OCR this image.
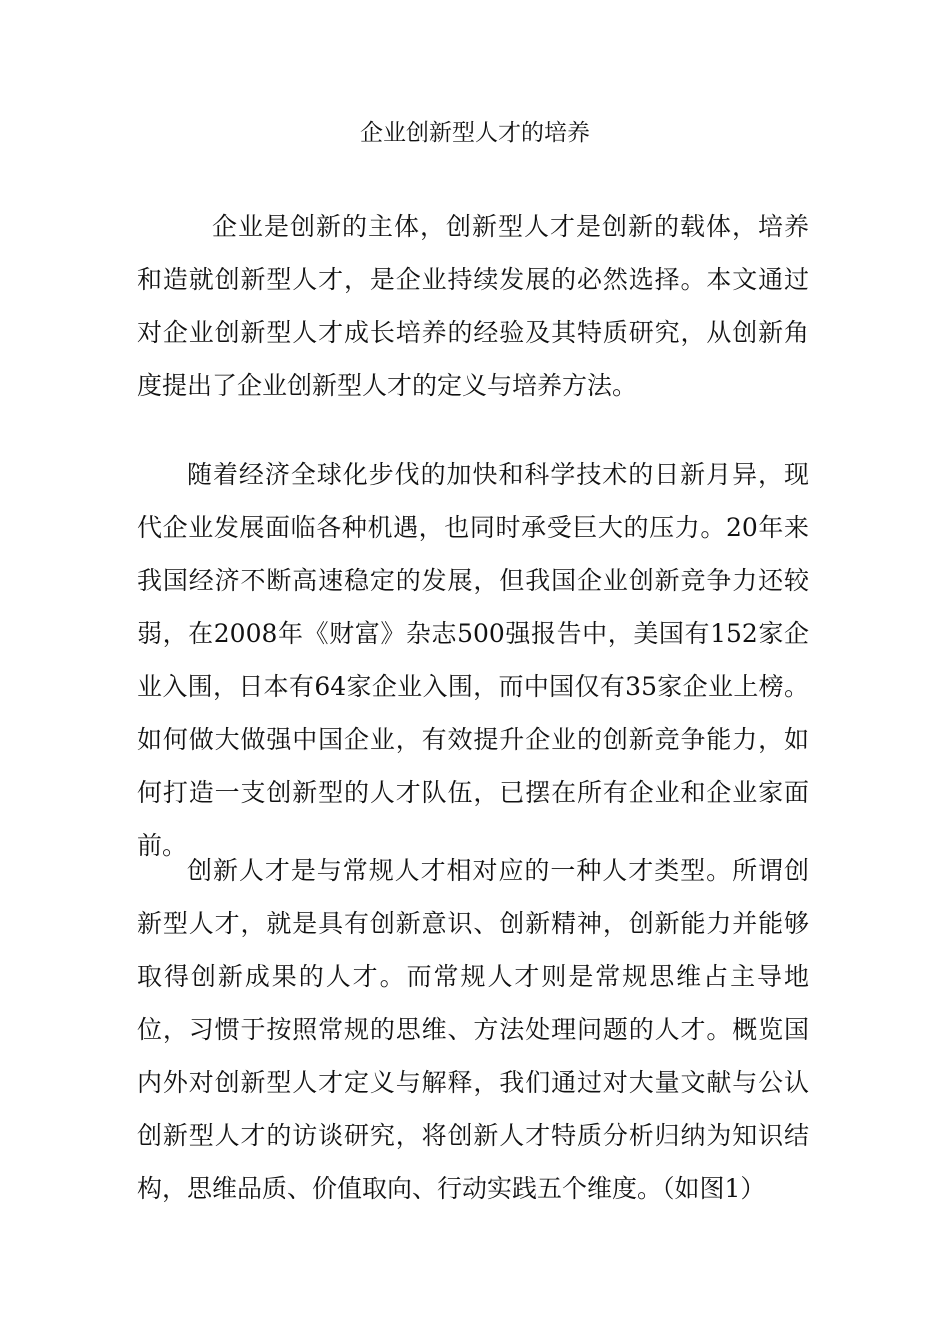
企业创新型人才的培养

企业是创新的主体，创新型人才是创新的载体，培养和造就创新型人才，是企业持续发展的必然选择。本文通过对企业创新型人才成长培养的经验及其特质研究，从创新角度提出了企业创新型人才的定义与培养方法。

随着经济全球化步伐的加快和科学技术的日新月异，现代企业发展面临各种机遇，也同时承受巨大的压力。20年来我国经济不断高速稳定的发展，但我国企业创新竞争力还较弱，在2008年《财富》杂志500强报告中，美国有152家企业入围，日本有64家企业入围，而中国仅有35家企业上榜。如何做大做强中国企业，有效提升企业的创新竞争能力，如何打造一支创新型的人才队伍，已摆在所有企业和企业家面前。

创新人才是与常规人才相对应的一种人才类型。所谓创新型人才，就是具有创新意识、创新精神，创新能力并能够取得创新成果的人才。而常规人才则是常规思维占主导地位，习惯于按照常规的思维、方法处理问题的人才。概览国内外对创新型人才定义与解释，我们通过对大量文献与公认创新型人才的访谈研究，将创新人才特质分析归纳为知识结构，思维品质、价值取向、行动实践五个维度。（如图1）
